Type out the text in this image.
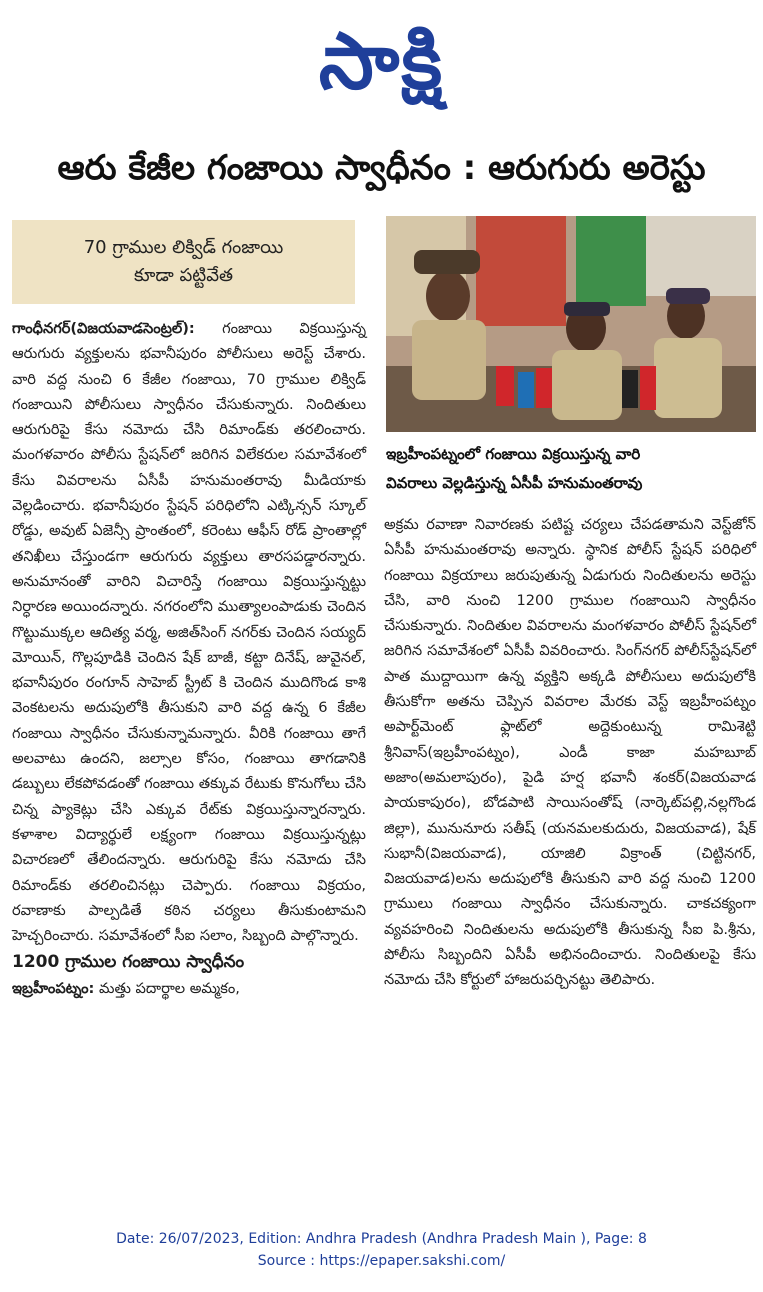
సాక్షి
ఆరు కేజీల గంజాయి స్వాధీనం : ఆరుగురు అరెస్టు
70 గ్రాముల లిక్విడ్ గంజాయి
కూడా పట్టివేత

గాంధీనగర్(విజయవాడసెంట్రల్): గంజాయి విక్రయిస్తున్న ఆరుగురు వ్యక్తులను భవానీపురం పోలీసులు అరెస్ట్ చేశారు. వారి వద్ద నుంచి 6 కేజీల గంజాయి, 70 గ్రాముల లిక్విడ్ గంజాయిని పోలీసులు స్వాధీనం చేసుకున్నారు. నిందితులు ఆరుగురిపై కేసు నమోదు చేసి రిమాండ్‌కు తరలించారు. మంగళవారం పోలీసు స్టేషన్‌లో జరిగిన విలేకరుల సమావేశంలో కేసు వివరాలను ఏసీపీ హనుమంతరావు మీడియాకు వెల్లడించారు. భవానీపురం స్టేషన్ పరిధిలోని ఎట్కిన్సన్ స్కూల్ రోడ్డు, అవుట్ ఏజెన్సీ ప్రాంతంలో, కరెంటు ఆఫీస్ రోడ్ ప్రాంతాల్లో తనిఖీలు చేస్తుండగా ఆరుగురు వ్యక్తులు తారసపడ్డారన్నారు. అనుమానంతో వారిని విచారిస్తే గంజాయి విక్రయిస్తున్నట్టు నిర్ధారణ అయిందన్నారు. నగరంలోని ముత్యాలంపాడుకు చెందిన గొట్టుముక్కల ఆదిత్య వర్మ, అజిత్‌సింగ్ నగర్‌కు చెందిన సయ్యద్ మోయిన్, గొల్లపూడికి చెందిన షేక్ బాజీ, కట్టా దినేష్, జువైనల్, భవానీపురం రంగూన్ సాహెబ్ స్ట్రీట్ కి చెందిన ముదిగొండ కాశి వెంకటలను అదుపులోకి తీసుకుని వారి వద్ద ఉన్న 6 కేజీల గంజాయి స్వాధీనం చేసుకున్నామన్నారు. వీరికి గంజాయి తాగే అలవాటు ఉందని, జల్సాల కోసం, గంజాయి తాగడానికి డబ్బులు లేకపోవడంతో గంజాయి తక్కువ రేటుకు కొనుగోలు చేసి చిన్న ప్యాకెట్లు చేసి ఎక్కువ రేట్‌కు విక్రయిస్తున్నారన్నారు. కళాశాల విద్యార్థులే లక్ష్యంగా గంజాయి విక్రయిస్తున్నట్లు విచారణలో తేలిందన్నారు. ఆరుగురిపై కేసు నమోదు చేసి రిమాండ్‌కు తరలించినట్లు చెప్పారు. గంజాయి విక్రయం, రవాణాకు పాల్పడితే కఠిన చర్యలు తీసుకుంటామని హెచ్చరించారు. సమావేశంలో సీఐ సలాం, సిబ్బంది పాల్గొన్నారు.

1200 గ్రాముల గంజాయి స్వాధీనం

ఇబ్రహీంపట్నం: మత్తు పదార్థాల అమ్మకం,

ఇబ్రహీంపట్నంలో గంజాయి విక్రయిస్తున్న వారి
వివరాలు వెల్లడిస్తున్న ఏసీపీ హనుమంతరావు

అక్రమ రవాణా నివారణకు పటిష్ట చర్యలు చేపడతామని వెస్ట్‌జోన్ ఏసీపీ హనుమంతరావు అన్నారు. స్థానిక పోలీస్ స్టేషన్ పరిధిలో గంజాయి విక్రయాలు జరుపుతున్న ఏడుగురు నిందితులను అరెస్టు చేసి, వారి నుంచి 1200 గ్రాముల గంజాయిని స్వాధీనం చేసుకున్నారు. నిందితుల వివరాలను మంగళవారం పోలీస్ స్టేషన్‌లో జరిగిన సమావేశంలో ఏసీపీ వివరించారు. సింగ్‌నగర్ పోలీస్‌స్టేషన్‌లో పాత ముద్దాయిగా ఉన్న వ్యక్తిని అక్కడి పోలీసులు అదుపులోకి తీసుకోగా అతను చెప్పిన వివరాల మేరకు వెస్ట్ ఇబ్రహీంపట్నం అపార్ట్‌మెంట్ ఫ్లాట్‌లో అద్దెకుంటున్న రామిశెట్టి శ్రీనివాస్(ఇబ్రహీంపట్నం), ఎండీ కాజా మహబూబ్ అజాం(అమలాపురం), పైడి హర్ష భవానీ శంకర్(విజయవాడ పాయకాపురం), బోడపాటి సాయిసంతోష్ (నార్కెట్‌పల్లి,నల్లగొండ జిల్లా), మునునూరు సతీష్ (యనమలకుదురు, విజయవాడ), షేక్ సుభానీ(విజయవాడ), యాజిలి విక్రాంత్ (చిట్టినగర్, విజయవాడ)లను అదుపులోకి తీసుకుని వారి వద్ద నుంచి 1200 గ్రాములు గంజాయి స్వాధీనం చేసుకున్నారు. చాకచక్యంగా వ్యవహరించి నిందితులను అదుపులోకి తీసుకున్న సీఐ పి.శ్రీను, పోలీసు సిబ్బందిని ఏసీపీ అభినందించారు. నిందితులపై కేసు నమోదు చేసి కోర్టులో హాజరుపర్చినట్టు తెలిపారు.

Date: 26/07/2023, Edition: Andhra Pradesh (Andhra Pradesh Main ), Page: 8
Source : https://epaper.sakshi.com/
